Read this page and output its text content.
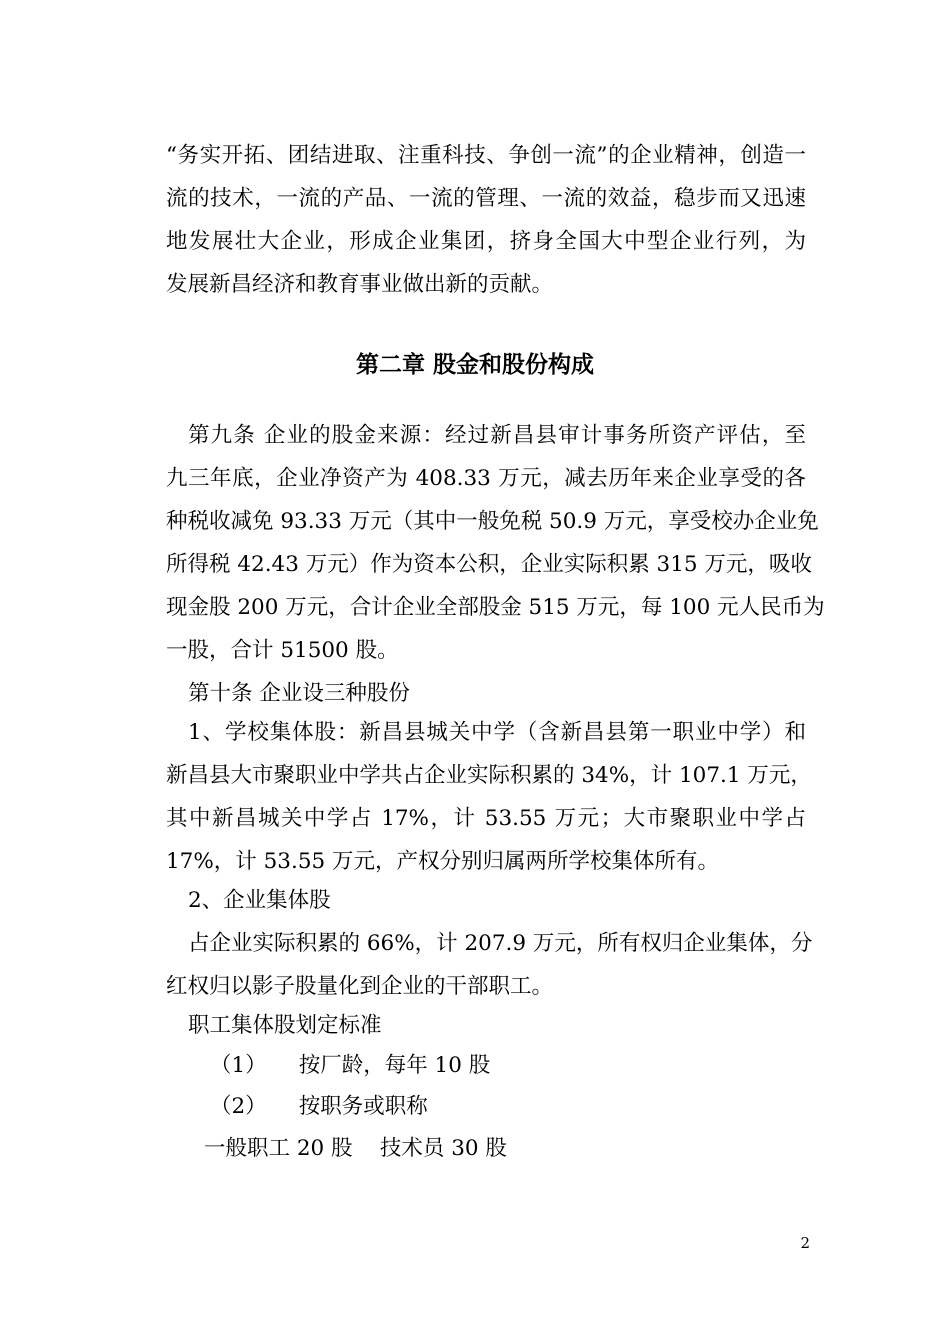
“务实开拓、团结进取、注重科技、争创一流”的企业精神，创造一
流的技术，一流的产品、一流的管理、一流的效益，稳步而又迅速
地发展壮大企业，形成企业集团，挤身全国大中型企业行列，为
发展新昌经济和教育事业做出新的贡献。
第二章 股金和股份构成
第九条 企业的股金来源：经过新昌县审计事务所资产评估，至
九三年底，企业净资产为 408.33 万元，减去历年来企业享受的各
种税收减免 93.33 万元（其中一般免税 50.9 万元，享受校办企业免
所得税 42.43 万元）作为资本公积，企业实际积累 315 万元，吸收
现金股 200 万元，合计企业全部股金 515 万元，每 100 元人民币为
一股，合计 51500 股。
第十条 企业设三种股份
1、学校集体股：新昌县城关中学（含新昌县第一职业中学）和
新昌县大市聚职业中学共占企业实际积累的 34%，计 107.1 万元，
其中新昌城关中学占 17%，计 53.55 万元；大市聚职业中学占
17%，计 53.55 万元，产权分别归属两所学校集体所有。
2、企业集体股
占企业实际积累的 66%，计 207.9 万元，所有权归企业集体，分
红权归以影子股量化到企业的干部职工。
职工集体股划定标准
（1） 按厂龄，每年 10 股
（2） 按职务或职称
一般职工 20 股    技术员 30 股
2
